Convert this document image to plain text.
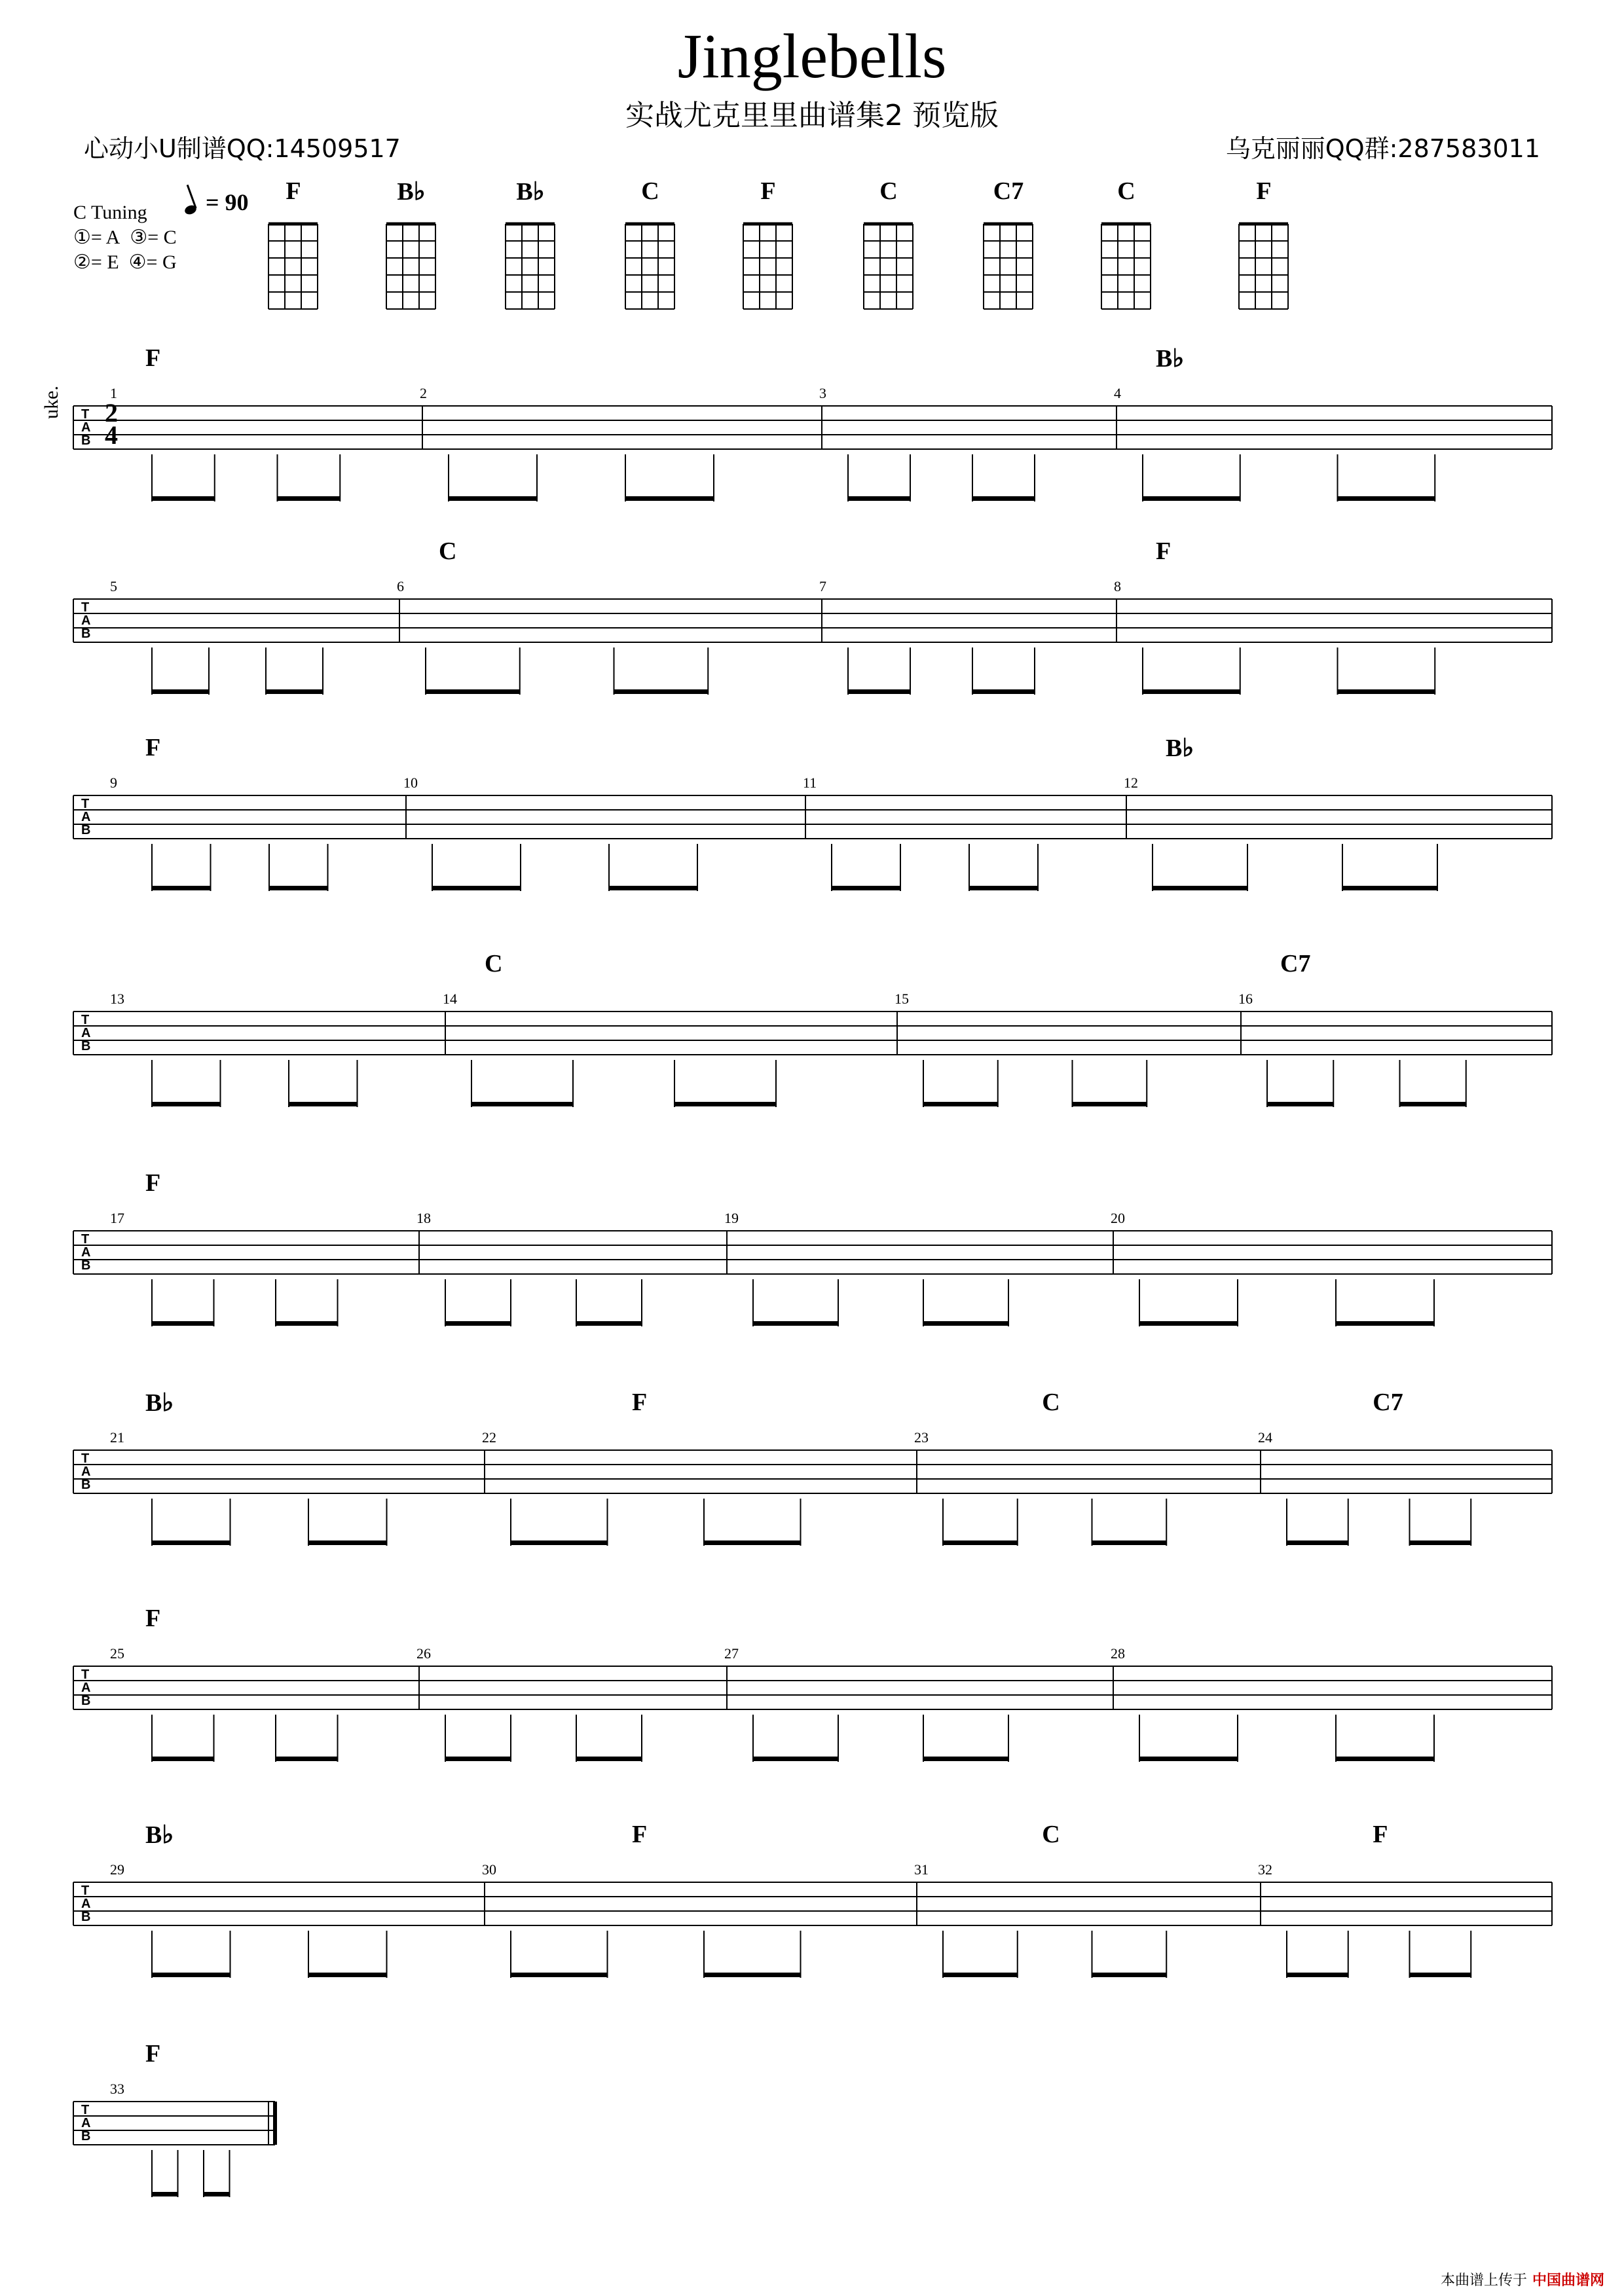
Jinglebells
实战尤克里里曲谱集2 预览版
心动小U制谱QQ:14509517	乌克丽丽QQ群:287583011
C Tuning
①= A ③= C
②= E ④= G
= 90	F	B♭	B♭	C	F	C	C7	C	F
uke. T
A
B
1	2	3	4
F	B♭
T
A
B
5	6	7	8
C	F
T
A
B
9	10	11	12
F	B♭
T
A
B
13	14	15	16
C	C7
T
A
B
17	18	19	20
F
T
A
B
21	22	23	24
B♭	F	C	C7
T
A
B
25	26	27	28
F
T
A
B
29	30	31	32
B♭	F	C	F
T
A
B
33
F
2
4
本曲谱上传于 中国曲谱网
